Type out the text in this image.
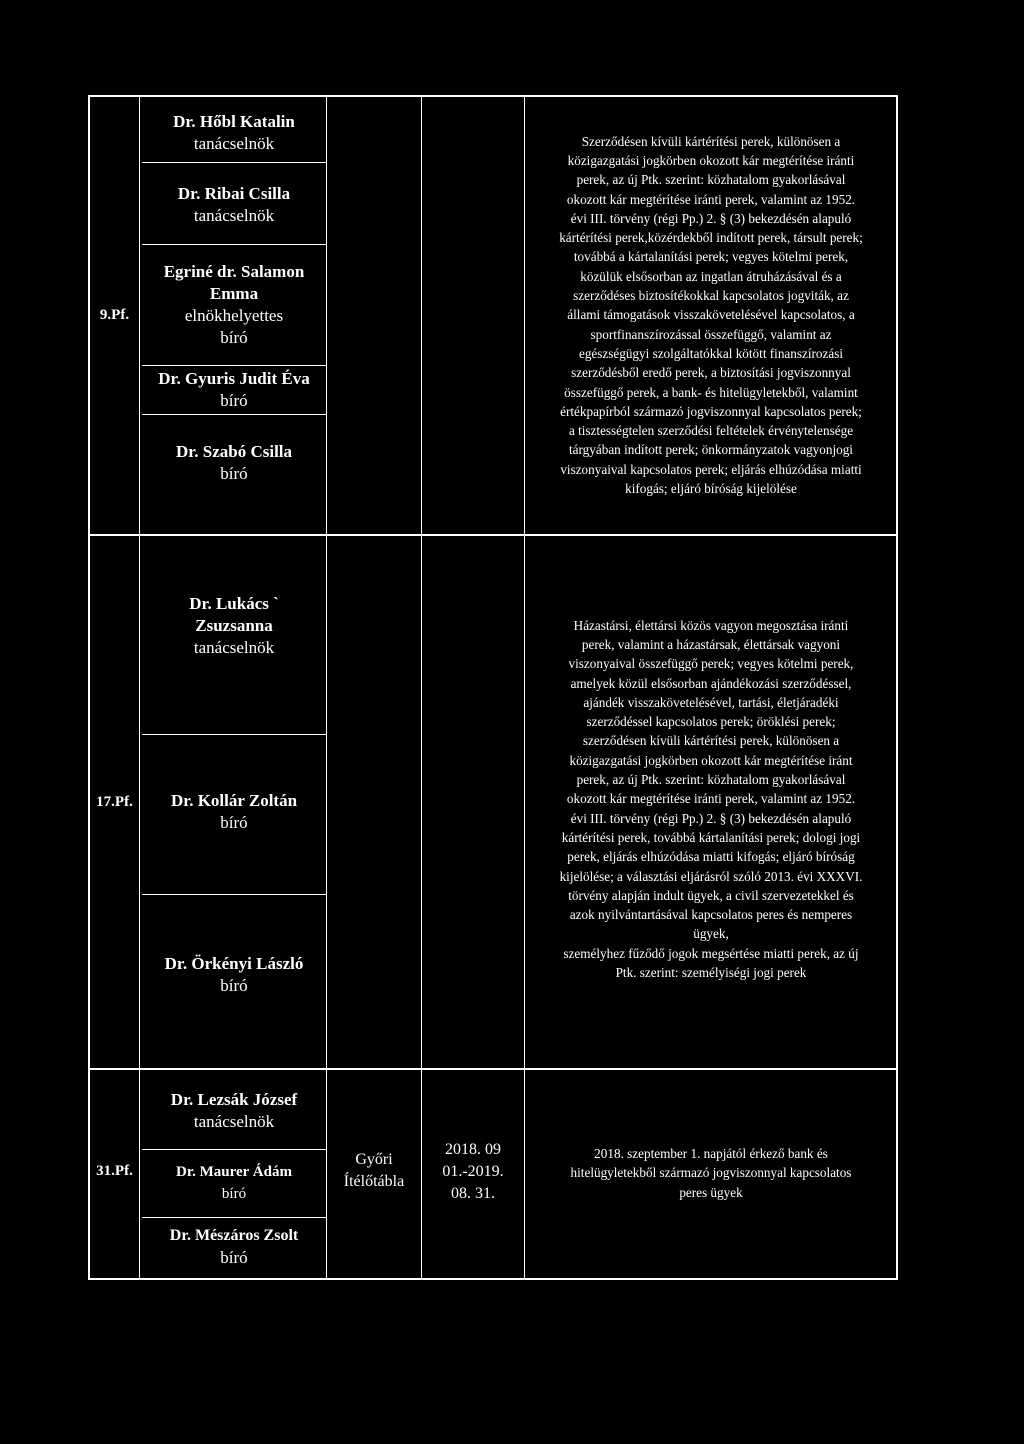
9.Pf.
Dr. Hőbl Katalin
tanácselnök
Dr. Ribai Csilla
tanácselnök
Egriné dr. Salamon
Emma
elnökhelyettes
bíró
Dr. Gyuris Judit Éva
bíró
Dr. Szabó Csilla
bíró
Szerződésen kívüli kártérítési perek, különösen a
közigazgatási jogkörben okozott kár megtérítése iránti
perek, az új Ptk. szerint: közhatalom gyakorlásával
okozott kár megtérítése iránti perek, valamint az 1952.
évi III. törvény (régi Pp.) 2. § (3) bekezdésén alapuló
kártérítési perek,közérdekből indított perek, társult perek;
továbbá a kártalanítási perek; vegyes kötelmi perek,
közülük elsősorban az ingatlan átruházásával és a
szerződéses biztosítékokkal kapcsolatos jogviták, az
állami támogatások visszakövetelésével kapcsolatos, a
sportfinanszírozással összefüggő, valamint az
egészségügyi szolgáltatókkal kötött finanszírozási
szerződésből eredő perek, a biztosítási jogviszonnyal
összefüggő perek, a bank- és hitelügyletekből, valamint
értékpapírból származó jogviszonnyal kapcsolatos perek;
a tisztességtelen szerződési feltételek érvénytelensége
tárgyában indított perek; önkormányzatok vagyonjogi
viszonyaival kapcsolatos perek; eljárás elhúzódása miatti
kifogás; eljáró bíróság kijelölése
17.Pf.
Dr. Lukács `
Zsuzsanna
tanácselnök
Dr. Kollár Zoltán
bíró
Dr. Örkényi László
bíró
Házastársi, élettársi közös vagyon megosztása iránti
perek, valamint a házastársak, élettársak vagyoni
viszonyaival összefüggő perek; vegyes kötelmi perek,
amelyek közül elsősorban ajándékozási szerződéssel,
ajándék visszakövetelésével, tartási, életjáradéki
szerződéssel kapcsolatos perek; öröklési perek;
szerződésen kívüli kártérítési perek, különösen a
közigazgatási jogkörben okozott kár megtérítése iránt
perek, az új Ptk. szerint: közhatalom gyakorlásával
okozott kár megtérítése iránti perek, valamint az 1952.
évi III. törvény (régi Pp.) 2. § (3) bekezdésén alapuló
kártérítési perek, továbbá kártalanítási perek; dologi jogi
perek, eljárás elhúzódása miatti kifogás; eljáró bíróság
kijelölése; a választási eljárásról szóló 2013. évi XXXVI.
törvény alapján indult ügyek, a civil szervezetekkel és
azok nyilvántartásával kapcsolatos peres és nemperes
ügyek,
személyhez fűződő jogok megsértése miatti perek, az új
Ptk. szerint: személyiségi jogi perek
31.Pf.
Dr. Lezsák József
tanácselnök
Dr. Maurer Ádám
bíró
Dr. Mészáros Zsolt
bíró
Győri
Ítélőtábla
2018. 09
01.-2019.
08. 31.
2018. szeptember 1. napjától érkező bank és
hitelügyletekből származó jogviszonnyal kapcsolatos
peres ügyek
